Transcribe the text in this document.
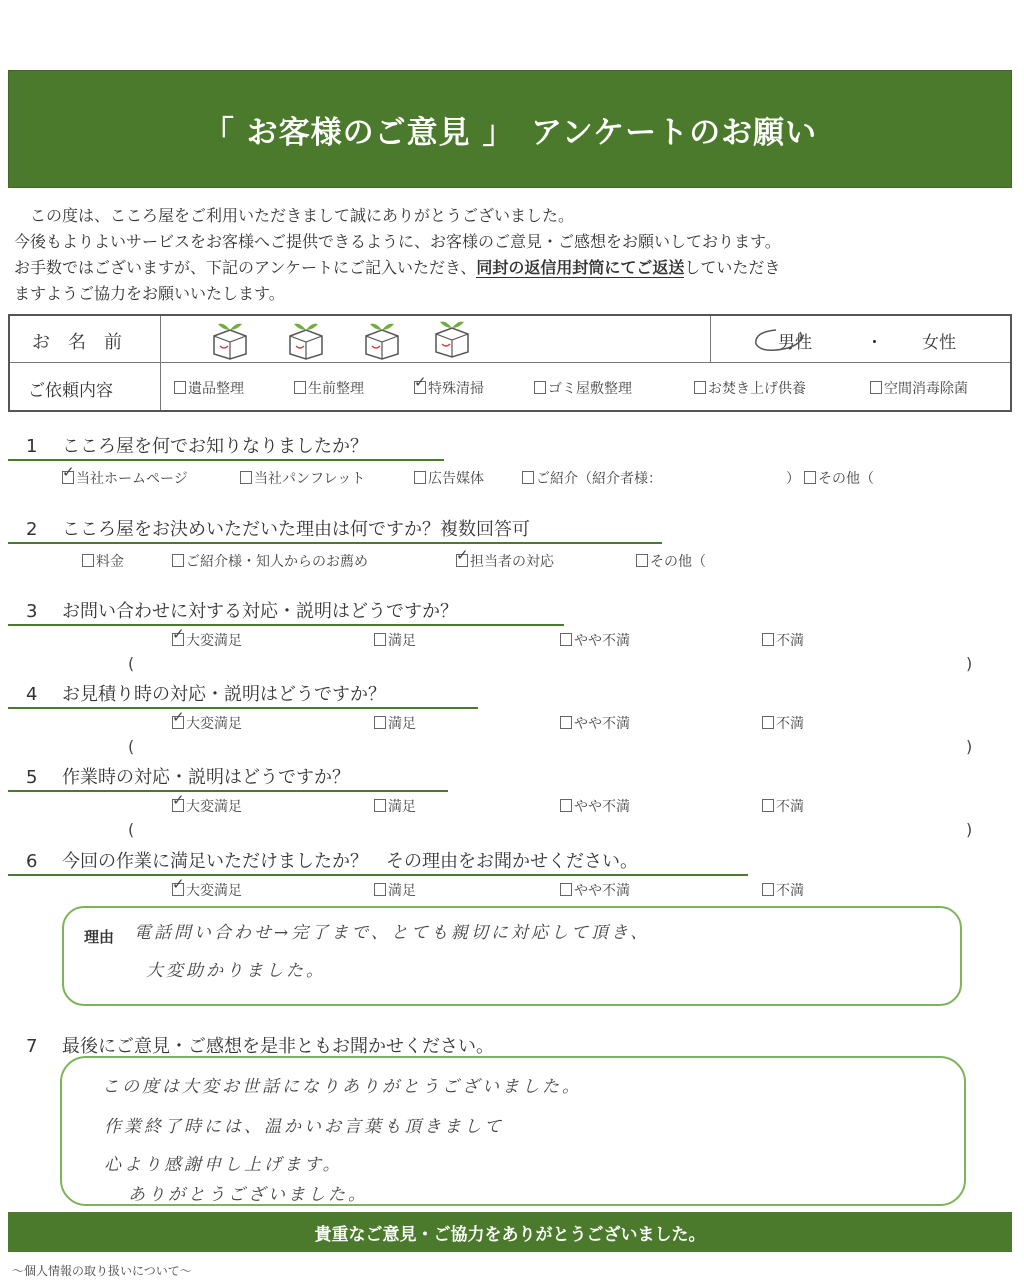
「 お客様のご意見 」　アンケートのお願い
　この度は、こころ屋をご利用いただきまして誠にありがとうございました。
今後もよりよいサービスをお客様へご提供できるように、お客様のご意見・ご感想をお願いしております。
お手数ではございますが、下記のアンケートにご記入いただき、同封の返信用封筒にてご返送していただき
ますようご協力をお願いいたします。
お　名　前	男性	・ 女性
ご依頼内容	遺品整理	生前整理 ✓	特殊清掃	ゴミ屋敷整理	お焚き上げ供養	空間消毒除菌
1 こころ屋を何でお知りなりましたか？
✓当社ホームページ	当社パンフレット	広告媒体	ご紹介（紹介者様：	）	その他（
2 こころ屋をお決めいただいた理由は何ですか？複数回答可
料金	ご紹介様・知人からのお薦め ✓	担当者の対応	その他（
3 お問い合わせに対する対応・説明はどうですか？
✓大変満足	満足	やや不満	不満
(	)
4 お見積り時の対応・説明はどうですか？
✓大変満足	満足	やや不満	不満
(	)
5 作業時の対応・説明はどうですか？
✓大変満足	満足	やや不満	不満
(	)
6 今回の作業に満足いただけましたか？　その理由をお聞かせください。
✓大変満足	満足	やや不満	不満
理由 電話問い合わせ→完了まで、とても親切に対応して頂き、
大変助かりました。
7 最後にご意見・ご感想を是非ともお聞かせください。
この度は大変お世話になりありがとうございました。
作業終了時には、温かいお言葉も頂きまして
心より感謝申し上げます。
ありがとうございました。
貴重なご意見・ご協力をありがとうございました。
～個人情報の取り扱いについて～
